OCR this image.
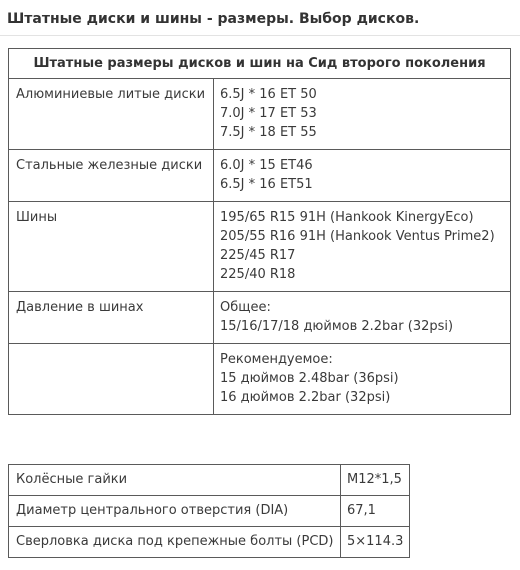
Штатные диски и шины - размеры. Выбор дисков.
Штатные размеры дисков и шин на Сид второго поколения	
Алюминиевые литые диски	6.5J * 16 ET 50
7.0J * 17 ET 53
7.5J * 18 ET 55

Стальные железные диски	6.0J * 15 ET46
6.5J * 16 ET51

Шины	195/65 R15 91H (Hankook KinergyEco)
205/55 R16 91H (Hankook Ventus Prime2)
225/45 R17
225/40 R18

Давление в шинах	Общее:
15/16/17/18 дюймов 2.2bar (32psi)

	Рекомендуемое:
15 дюймов 2.48bar (36psi)
16 дюймов 2.2bar (32psi)
Колёсные гайки	M12*1,5
Диаметр центрального отверстия (DIA)	67,1
Сверловка диска под крепежные болты (PCD)	5×114.3
